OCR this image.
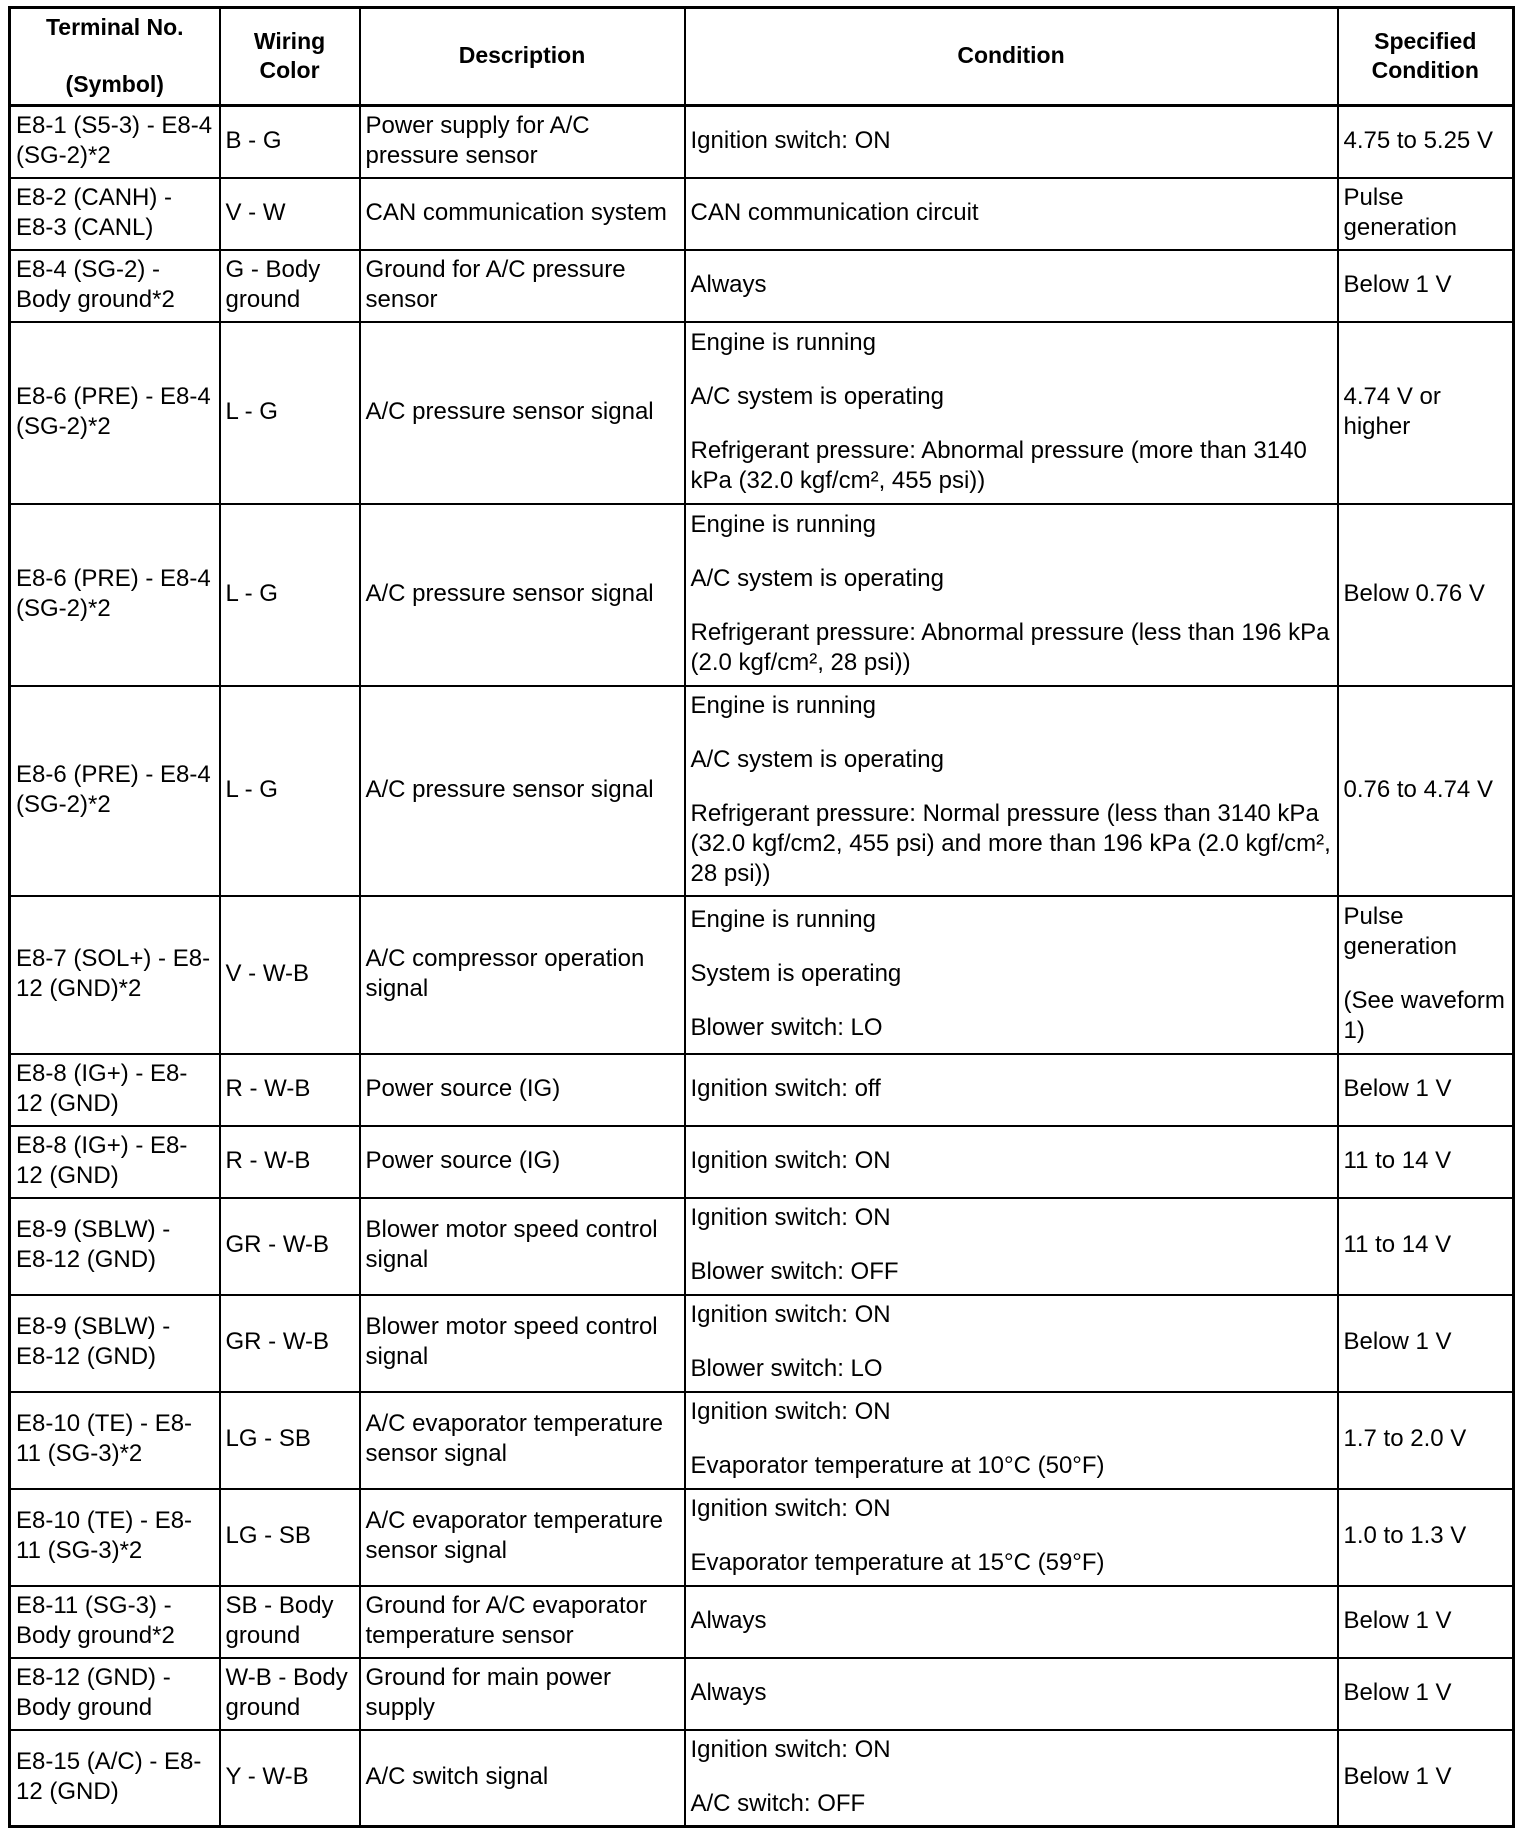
Terminal No.
(Symbol)	Wiring Color	Description	Condition	Specified Condition
E8-1 (S5-3) - E8-4 (SG-2)*2	B - G	Power supply for A/C pressure sensor	Ignition switch: ON	4.75 to 5.25 V

E8-2 (CANH) - E8-3 (CANL)	V - W	CAN communication system	CAN communication circuit	Pulse generation

E8-4 (SG-2) - Body ground*2	G - Body ground	Ground for A/C pressure sensor	Always	Below 1 V

E8-6 (PRE) - E8-4 (SG-2)*2	L - G	A/C pressure sensor signal	Engine is running
A/C system is operating
Refrigerant pressure: Abnormal pressure (more than 3140 kPa (32.0 kgf/cm², 455 psi))	4.74 V or higher

E8-6 (PRE) - E8-4 (SG-2)*2	L - G	A/C pressure sensor signal	Engine is running
A/C system is operating
Refrigerant pressure: Abnormal pressure (less than 196 kPa (2.0 kgf/cm², 28 psi))	Below 0.76 V

E8-6 (PRE) - E8-4 (SG-2)*2	L - G	A/C pressure sensor signal	Engine is running
A/C system is operating
Refrigerant pressure: Normal pressure (less than 3140 kPa (32.0 kgf/cm2, 455 psi) and more than 196 kPa (2.0 kgf/cm², 28 psi))	0.76 to 4.74 V

E8-7 (SOL+) - E8-12 (GND)*2	V - W-B	A/C compressor operation signal	Engine is running
System is operating
Blower switch: LO	Pulse generation
(See waveform 1)

E8-8 (IG+) - E8-12 (GND)	R - W-B	Power source (IG)	Ignition switch: off	Below 1 V

E8-8 (IG+) - E8-12 (GND)	R - W-B	Power source (IG)	Ignition switch: ON	11 to 14 V

E8-9 (SBLW) - E8-12 (GND)	GR - W-B	Blower motor speed control signal	Ignition switch: ON
Blower switch: OFF	11 to 14 V

E8-9 (SBLW) - E8-12 (GND)	GR - W-B	Blower motor speed control signal	Ignition switch: ON
Blower switch: LO	Below 1 V

E8-10 (TE) - E8-11 (SG-3)*2	LG - SB	A/C evaporator temperature sensor signal	Ignition switch: ON
Evaporator temperature at 10°C (50°F)	1.7 to 2.0 V

E8-10 (TE) - E8-11 (SG-3)*2	LG - SB	A/C evaporator temperature sensor signal	Ignition switch: ON
Evaporator temperature at 15°C (59°F)	1.0 to 1.3 V

E8-11 (SG-3) - Body ground*2	SB - Body ground	Ground for A/C evaporator temperature sensor	Always	Below 1 V

E8-12 (GND) - Body ground	W-B - Body ground	Ground for main power supply	Always	Below 1 V

E8-15 (A/C) - E8-12 (GND)	Y - W-B	A/C switch signal	Ignition switch: ON
A/C switch: OFF	Below 1 V
